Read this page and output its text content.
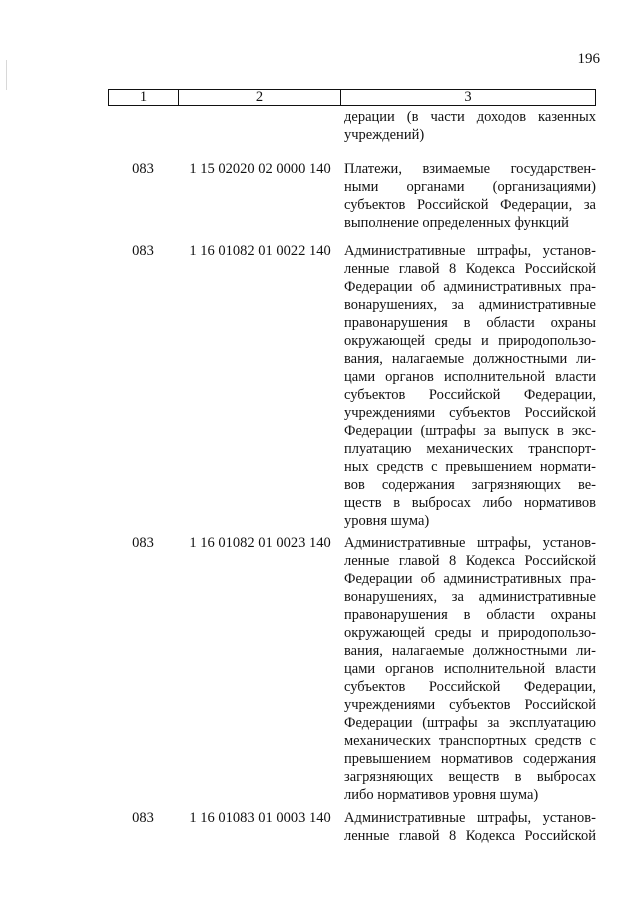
196
1	2	3
дерации (в части доходов казенных
учреждений)
083	1 15 02020 02 0000 140 Платежи, взимаемые государствен-
ными органами (организациями)
субъектов Российской Федерации, за
выполнение определенных функций
083	1 16 01082 01 0022 140 Административные штрафы, установ-
ленные главой 8 Кодекса Российской
Федерации об административных пра-
вонарушениях, за административные
правонарушения в области охраны
окружающей среды и природопользо-
вания, налагаемые должностными ли-
цами органов исполнительной власти
субъектов Российской Федерации,
учреждениями субъектов Российской
Федерации (штрафы за выпуск в экс-
плуатацию механических транспорт-
ных средств с превышением нормати-
вов содержания загрязняющих ве-
ществ в выбросах либо нормативов
уровня шума)
083	1 16 01082 01 0023 140 Административные штрафы, установ-
ленные главой 8 Кодекса Российской
Федерации об административных пра-
вонарушениях, за административные
правонарушения в области охраны
окружающей среды и природопользо-
вания, налагаемые должностными ли-
цами органов исполнительной власти
субъектов Российской Федерации,
учреждениями субъектов Российской
Федерации (штрафы за эксплуатацию
механических транспортных средств с
превышением нормативов содержания
загрязняющих веществ в выбросах
либо нормативов уровня шума)
083	1 16 01083 01 0003 140 Административные штрафы, установ-
ленные главой 8 Кодекса Российской
